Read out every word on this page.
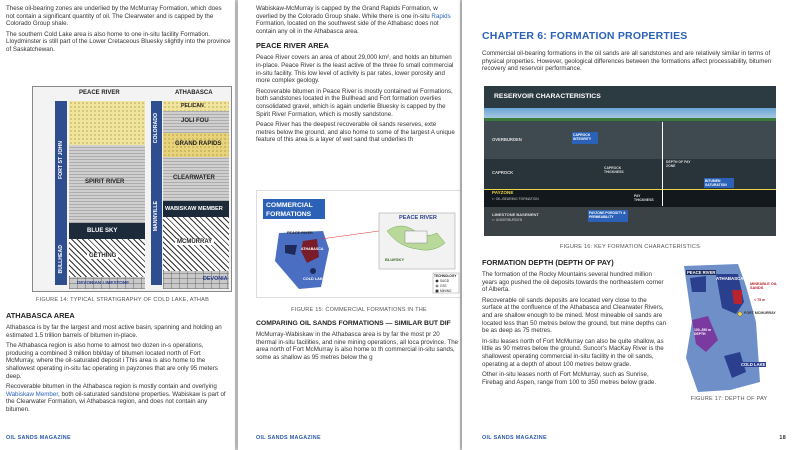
These oil-bearing zones are underlied by the McMurray Formation, which does not contain a significant quantity of oil. The Clearwater and is capped by the Colorado Group shale.

The southern Cold Lake area is also home to one in-situ facility Formation. Lloydminster is still part of the Lower Cretaceous Bluesky slightly into the province of Saskatchewan.

PEACE RIVER	ATHABASCA
FORT ST JOHN
BULLHEAD
SPIRIT RIVER
BLUE SKY
GETHING
DEVONIAN LIMESTONE
COLORADO
MANNVILLE
PELICAN
JOLI FOU
GRAND RAPIDS
CLEARWATER
WABISKAW MEMBER
MCMURRAY
DEVONIA
FIGURE 14: TYPICAL STRATIGRAPHY OF COLD LAKE, ATHAB
ATHABASCA AREA

Athabasca is by far the largest and most active basin, spanning and holding an estimated 1.5 trillion barrels of bitumen in-place.

The Athabasca region is also home to almost two dozen in-s operations, producing a combined 3 million bbl/day of bitumen located north of Fort McMurray, where the oil-saturated deposit i This area is also home to the shallowest operating in-situ fac operating in payzones that are only 95 meters deep.

Recoverable bitumen in the Athabasca region is mostly contain and overlying Wabiskaw Member, both oil-saturated sandstone properties. Wabiskaw is part of the Clearwater Formation, wi Athabasca region, and does not contain any bitumen.

OIL SANDS MAGAZINE

Wabiskaw-McMurray is capped by the Grand Rapids Formation, w overlied by the Colorado Group shale. While there is one in-situ Rapids Formation, located on the southwest side of the Athabasc does not contain any oil in the Athabasca area.

PEACE RIVER AREA

Peace River covers an area of about 29,000 km², and holds an bitumen in-place. Peace River is the least active of the three fo small commercial in-situ facility. This low level of activity is par rates, lower porosity and more complex geology.

Recoverable bitumen in Peace River is mostly contained wi Formations, both sandstones located in the Bullhead and Fort formation overlies consolidated gravel, which is again underlie Bluesky is capped by the Spirit River Formation, which is mostly sandstone.

Peace River has the deepest recoverable oil sands reserves, exte metres below the ground, and also home to some of the largest A unique feature of this area is a layer of wet sand that underlies th

COMMERCIAL
FORMATIONS
PEACE RIVER
ATHABASCA
COLD LAKE
PEACE RIVER
BLUESKY
TECHNOLOGY
SAGD
CSS
MINING
FIGURE 15: COMMERCIAL FORMATIONS IN THE
COMPARING OIL SANDS FORMATIONS — SIMILAR BUT DIF

McMurray-Wabiskaw in the Athabasca area is by far the most pr 20 thermal in-situ facilities, and nine mining operations, all loca province. The area north of Fort McMurray is also home to th commercial in-situ sands, some as shallow as 95 metres below the g

OIL SANDS MAGAZINE
CHAPTER 6: FORMATION PROPERTIES

Commercial oil-bearing formations in the oil sands are all sandstones and are relatively similar in terms of physical properties. However, geological differences between the formations affect processability, bitumen recovery and reservoir performance.

RESERVOIR CHARACTERISTICS
OVERBURDEN
CAPROCK INTEGRITY
CAPROCK
CAPROCK THICKNESS
DEPTH OF PAY ZONE
BITUMEN SATURATION
PAYZONE
⇐ OIL-BEARING FORMATION
PAY THICKNESS
LIMESTONE BASEMENT
⇐ UNDERBURDEN
PAYZONE POROSITY & PERMEABILITY
FIGURE 16: KEY FORMATION CHARACTERISTICS
FORMATION DEPTH (DEPTH OF PAY)

The formation of the Rocky Mountains several hundred million years ago pushed the oil deposits towards the northeastern corner of Alberta.

Recoverable oil sands deposits are located very close to the surface at the confluence of the Athabasca and Clearwater Rivers, and are shallow enough to be mined. Most mineable oil sands are located less than 50 metres below the ground, but mine depths can be as deep as 75 metres.

In-situ leases north of Fort McMurray can also be quite shallow, as little as 90 metres below the ground. Suncor's MacKay River is the shallowest operating commercial in-situ facility in the oil sands, operating at a depth of about 100 metres below grade.

Other in-situ leases north of Fort McMurray, such as Sunrise, Firebag and Aspen, range from 100 to 350 metres below grade.

PEACE RIVER
ATHABASCA
MINEABLE OIL SANDS
< 75 m
FORT MCMURRAY
100–350 m DEPTH
COLD LAKE
FIGURE 17: DEPTH OF PAY
OIL SANDS MAGAZINE	18
